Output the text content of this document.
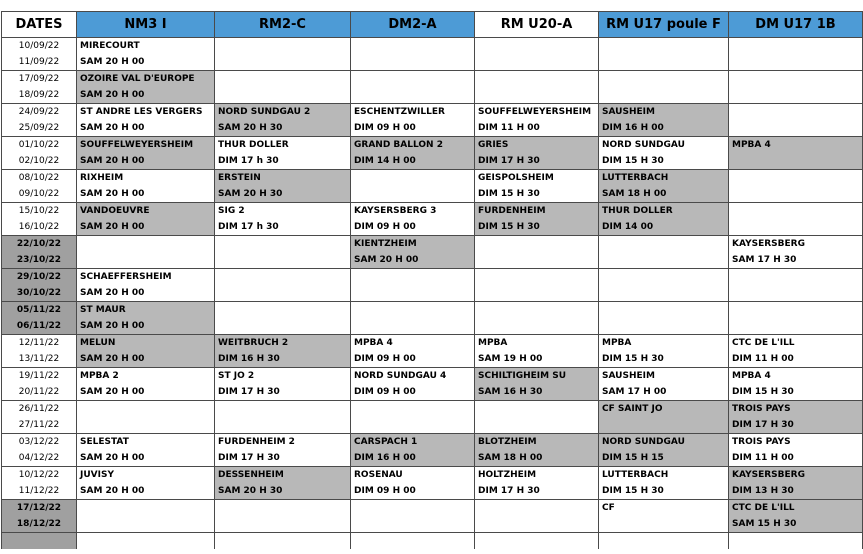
DATES	NM3 I	RM2-C	DM2-A	RM U20-A	RM U17 poule F	DM U17 1B
10/09/22	MIRECOURT					
11/09/22	SAM 20 H 00					
17/09/22	OZOIRE VAL D'EUROPE					
18/09/22	SAM 20 H 00					
24/09/22	ST ANDRE LES VERGERS	NORD SUNDGAU 2	ESCHENTZWILLER	SOUFFELWEYERSHEIM	SAUSHEIM	
25/09/22	SAM 20 H 00	SAM 20 H 30	DIM 09 H 00	DIM 11 H 00	DIM 16 H 00	
01/10/22	SOUFFELWEYERSHEIM	THUR DOLLER	GRAND BALLON 2	GRIES	NORD SUNDGAU	MPBA 4
02/10/22	SAM 20 H 00	DIM 17 h 30	DIM 14 H 00	DIM 17 H 30	DIM 15 H 30	
08/10/22	RIXHEIM	ERSTEIN		GEISPOLSHEIM	LUTTERBACH	
09/10/22	SAM 20 H 00	SAM 20 H 30		DIM 15 H 30	SAM 18 H 00	
15/10/22	VANDOEUVRE	SIG 2	KAYSERSBERG 3	FURDENHEIM	THUR DOLLER	
16/10/22	SAM 20 H 00	DIM 17 h 30	DIM 09 H 00	DIM 15 H 30	DIM 14 00	
22/10/22			KIENTZHEIM			KAYSERSBERG
23/10/22			SAM 20 H 00			SAM 17 H 30
29/10/22	SCHAEFFERSHEIM					
30/10/22	SAM 20 H 00					
05/11/22	ST MAUR					
06/11/22	SAM 20 H 00					
12/11/22	MELUN	WEITBRUCH 2	MPBA 4	MPBA	MPBA	CTC DE L'ILL
13/11/22	SAM 20 H 00	DIM 16 H 30	DIM 09 H 00	SAM 19 H 00	DIM 15 H 30	DIM 11 H 00
19/11/22	MPBA 2	ST JO 2	NORD SUNDGAU 4	SCHILTIGHEIM SU	SAUSHEIM	MPBA 4
20/11/22	SAM 20 H 00	DIM 17 H 30	DIM 09 H 00	SAM 16 H 30	SAM 17 H 00	DIM 15 H 30
26/11/22					CF SAINT JO	TROIS PAYS
27/11/22						DIM 17 H 30
03/12/22	SELESTAT	FURDENHEIM 2	CARSPACH 1	BLOTZHEIM	NORD SUNDGAU	TROIS PAYS
04/12/22	SAM 20 H 00	DIM 17 H 30	DIM 16 H 00	SAM 18 H 00	DIM 15 H 15	DIM 11 H 00
10/12/22	JUVISY	DESSENHEIM	ROSENAU	HOLTZHEIM	LUTTERBACH	KAYSERSBERG
11/12/22	SAM 20 H 00	SAM 20 H 30	DIM 09 H 00	DIM 17 H 30	DIM 15 H 30	DIM 13 H 30
17/12/22					CF	CTC DE L'ILL
18/12/22						SAM 15 H 30
